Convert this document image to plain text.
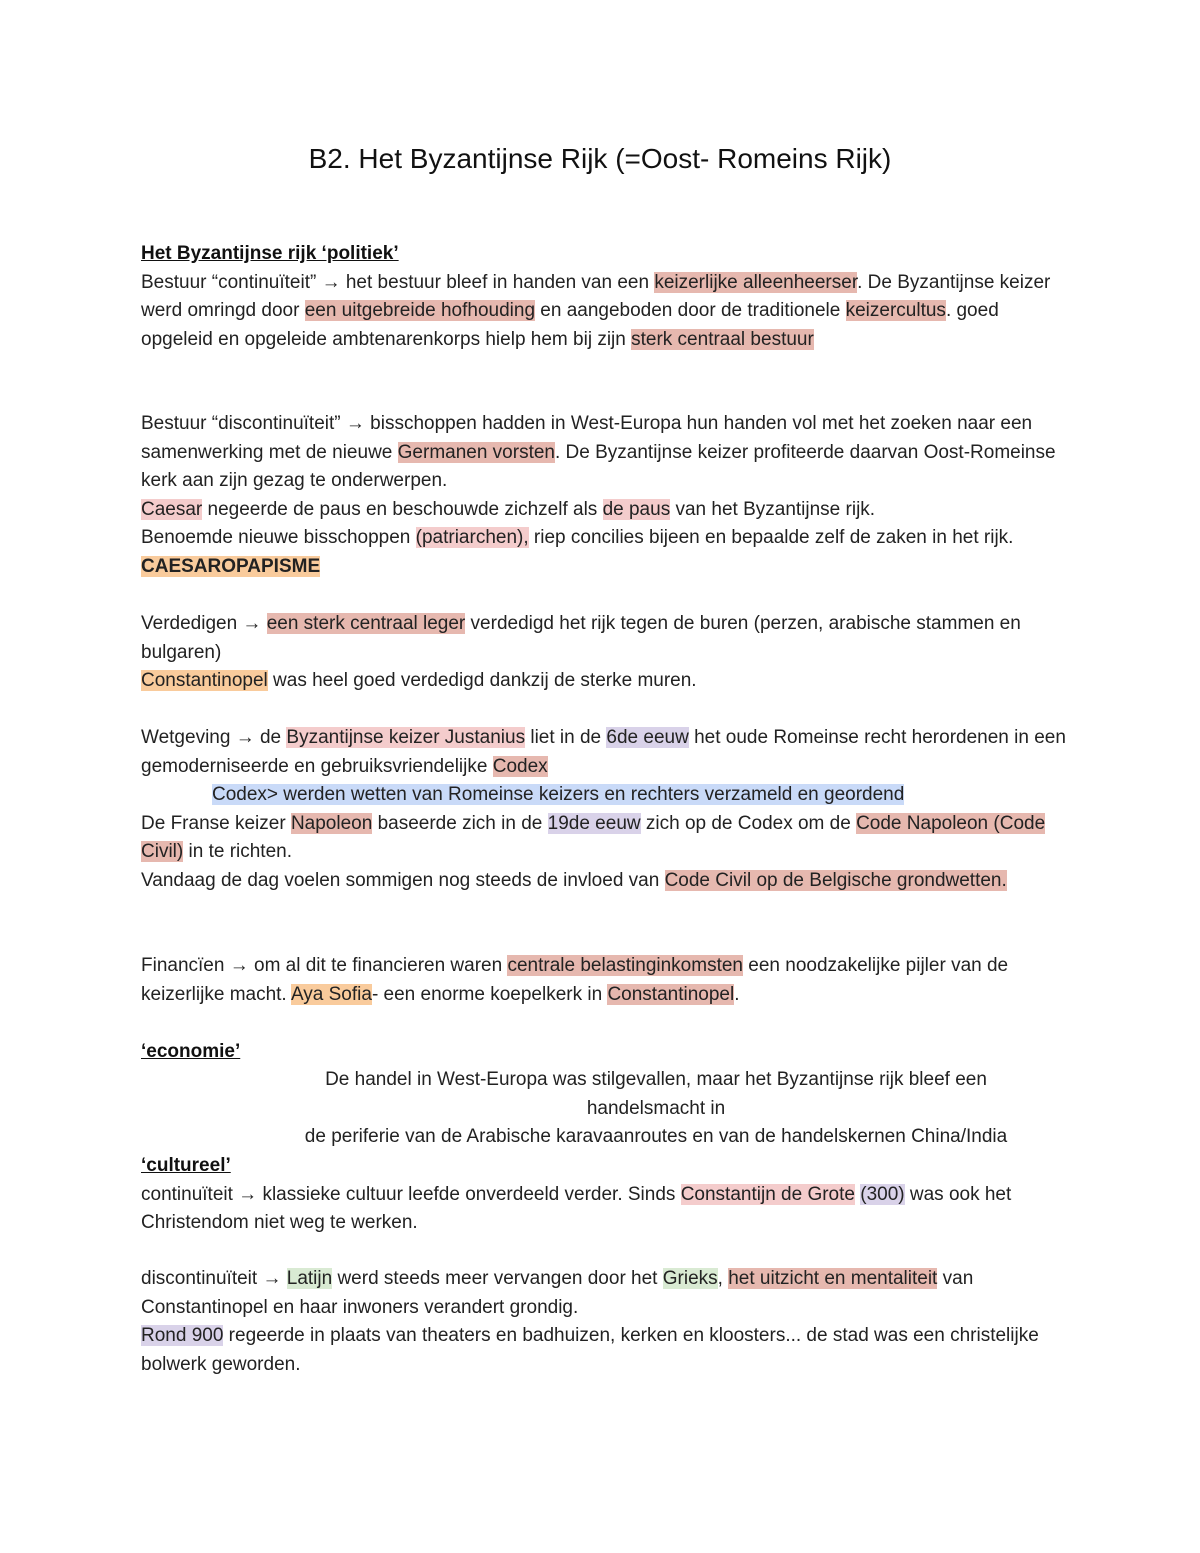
B2. Het Byzantijnse Rijk (=Oost- Romeins Rijk)
Het Byzantijnse rijk ‘politiek’
Bestuur “continuïteit” → het bestuur bleef in handen van een keizerlijke alleenheerser. De Byzantijnse keizer werd omringd door een uitgebreide hofhouding en aangeboden door de traditionele keizercultus. goed opgeleid en opgeleide ambtenarenkorps hielp hem bij zijn sterk centraal bestuur
Bestuur “discontinuïteit” → bisschoppen hadden in West-Europa hun handen vol met het zoeken naar een samenwerking met de nieuwe Germanen vorsten. De Byzantijnse keizer profiteerde daarvan Oost-Romeinse kerk aan zijn gezag te onderwerpen.
Caesar negeerde de paus en beschouwde zichzelf als de paus van het Byzantijnse rijk.
Benoemde nieuwe bisschoppen (patriarchen), riep concilies bijeen en bepaalde zelf de zaken in het rijk. CAESAROPAPISME
Verdedigen → een sterk centraal leger verdedigd het rijk tegen de buren (perzen, arabische stammen en bulgaren)
Constantinopel was heel goed verdedigd dankzij de sterke muren.
Wetgeving → de Byzantijnse keizer Justanius liet in de 6de eeuw het oude Romeinse recht herordenen in een gemoderniseerde en gebruiksvriendelijke Codex
Codex> werden wetten van Romeinse keizers en rechters verzameld en geordend
De Franse keizer Napoleon baseerde zich in de 19de eeuw zich op de Codex om de Code Napoleon (Code Civil) in te richten.
Vandaag de dag voelen sommigen nog steeds de invloed van Code Civil op de Belgische grondwetten.
Financïen → om al dit te financieren waren centrale belastinginkomsten een noodzakelijke pijler van de keizerlijke macht. Aya Sofia- een enorme koepelkerk in Constantinopel.
‘economie’
De handel in West-Europa was stilgevallen, maar het Byzantijnse rijk bleef een
handelsmacht in
de periferie van de Arabische karavaanroutes en van de handelskernen China/India
‘cultureel’
continuïteit → klassieke cultuur leefde onverdeeld verder. Sinds Constantijn de Grote (300) was ook het Christendom niet weg te werken.
discontinuïteit → Latijn werd steeds meer vervangen door het Grieks, het uitzicht en mentaliteit van Constantinopel en haar inwoners verandert grondig.
Rond 900 regeerde in plaats van theaters en badhuizen, kerken en kloosters... de stad was een christelijke bolwerk geworden.
